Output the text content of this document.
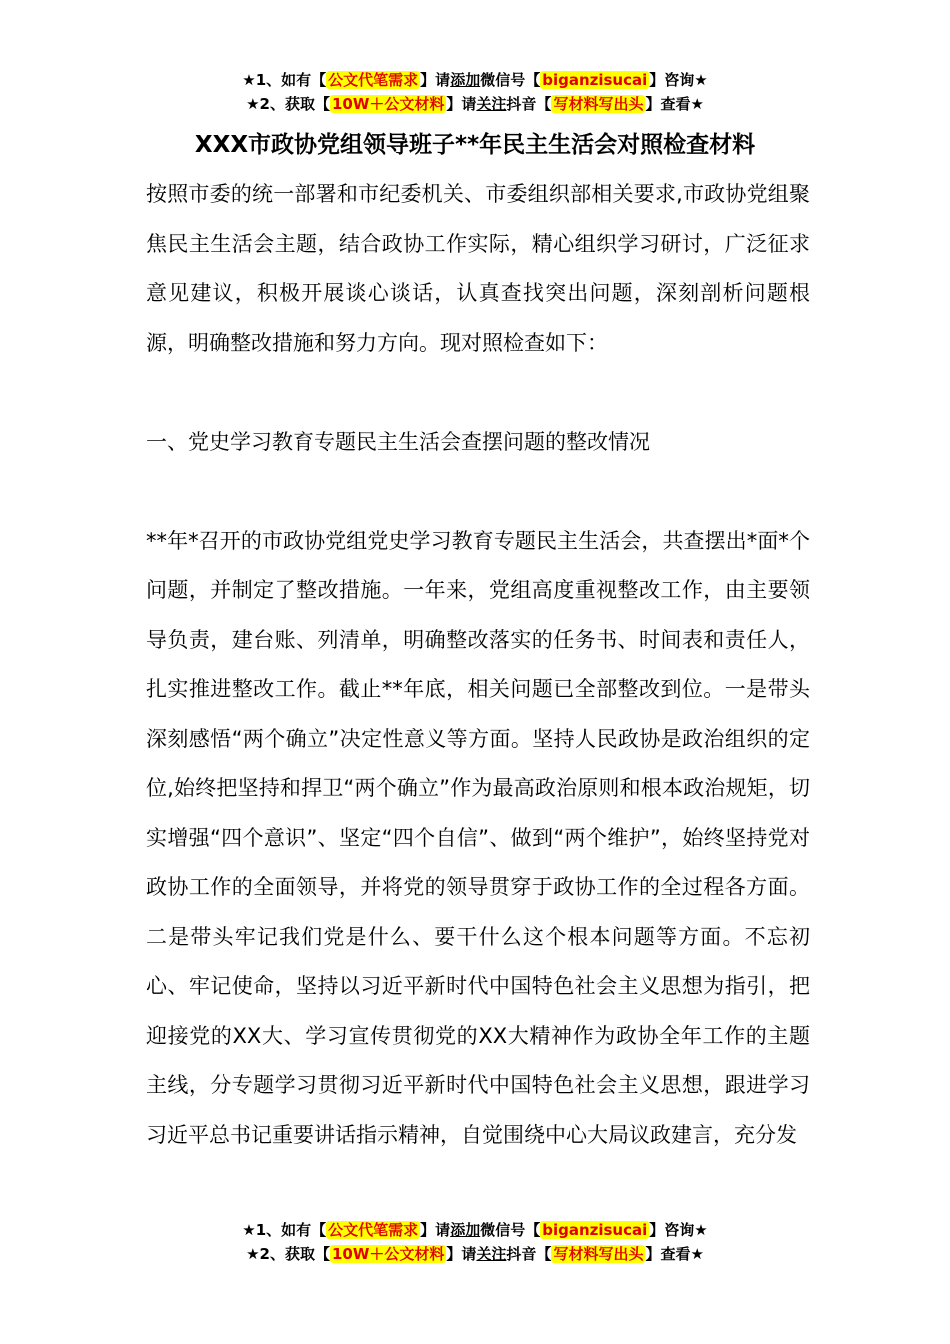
★1、如有【 公文代笔需求 】请添加微信号【 biganzisucai 】咨询★
★2、获取【 10W＋公文材料 】请关注抖音【 写材料写出头 】查看★
XXX市政协党组领导班子**年民主生活会对照检查材料

按照市委的统一部署和市纪委机关、市委组织部相关要求,市政协党组聚焦民主生活会主题，结合政协工作实际，精心组织学习研讨，广泛征求意见建议，积极开展谈心谈话，认真查找突出问题，深刻剖析问题根源，明确整改措施和努力方向。现对照检查如下：

一、党史学习教育专题民主生活会查摆问题的整改情况

**年*召开的市政协党组党史学习教育专题民主生活会，共查摆出*面*个问题，并制定了整改措施。一年来，党组高度重视整改工作，由主要领导负责，建台账、列清单，明确整改落实的任务书、时间表和责任人，扎实推进整改工作。截止**年底，相关问题已全部整改到位。一是带头深刻感悟“两个确立”决定性意义等方面。坚持人民政协是政治组织的定位,始终把坚持和捍卫“两个确立”作为最高政治原则和根本政治规矩，切实增强“四个意识”、坚定“四个自信”、做到“两个维护”，始终坚持党对政协工作的全面领导，并将党的领导贯穿于政协工作的全过程各方面。二是带头牢记我们党是什么、要干什么这个根本问题等方面。不忘初心、牢记使命，坚持以习近平新时代中国特色社会主义思想为指引，把迎接党的XX大、学习宣传贯彻党的XX大精神作为政协全年工作的主题主线，分专题学习贯彻习近平新时代中国特色社会主义思想，跟进学习习近平总书记重要讲话指示精神，自觉围绕中心大局议政建言，充分发

★1、如有【 公文代笔需求 】请添加微信号【 biganzisucai 】咨询★
★2、获取【 10W＋公文材料 】请关注抖音【 写材料写出头 】查看★
